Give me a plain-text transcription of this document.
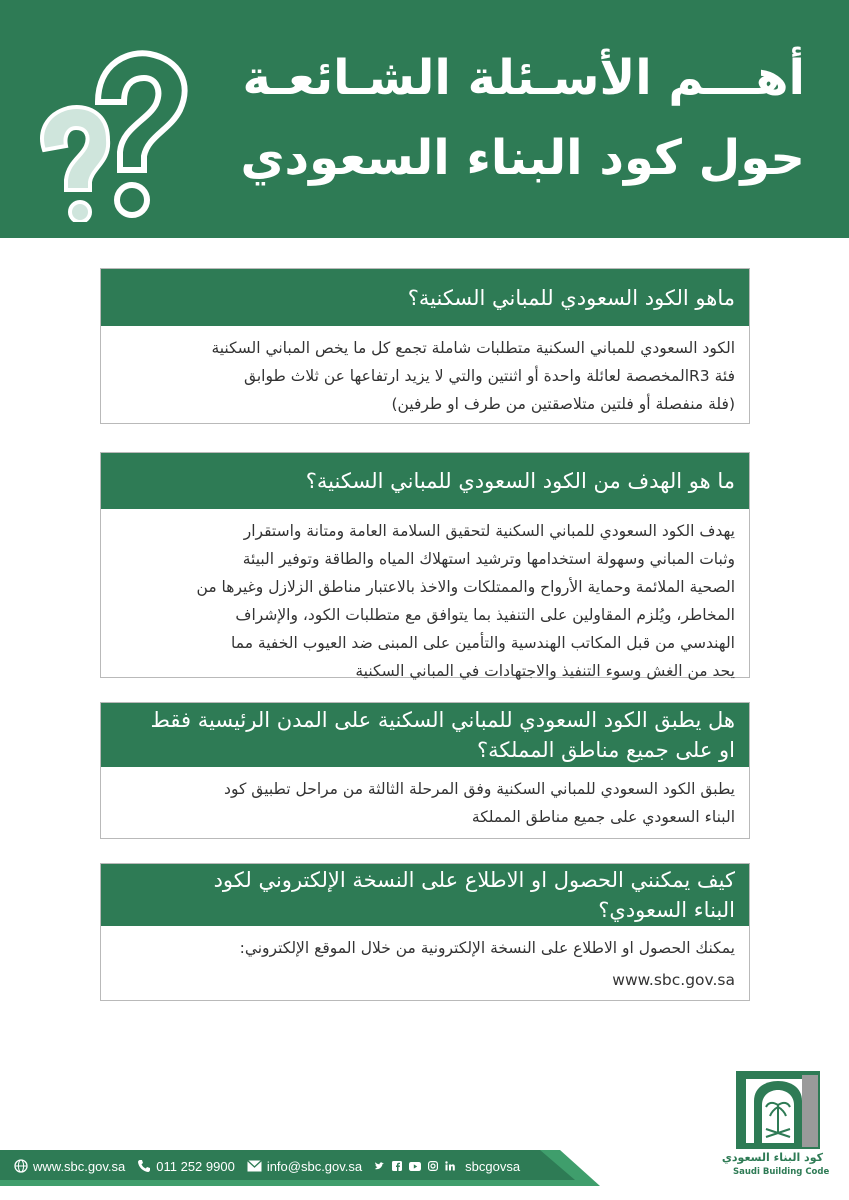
أهـــم الأسـئلة الشـائعـة
حول كود البناء السعودي
ماهو الكود السعودي للمباني السكنية؟
الكود السعودي للمباني السكنية متطلبات شاملة تجمع كل ما يخص المباني السكنية
فئة R3المخصصة لعائلة واحدة أو اثنتين والتي لا يزيد ارتفاعها عن ثلاث طوابق
(فلة منفصلة أو فلتين متلاصقتين من طرف او طرفين)
ما هو الهدف من الكود السعودي للمباني السكنية؟
يهدف الكود السعودي للمباني السكنية لتحقيق السلامة العامة ومتانة واستقرار
وثبات المباني وسهولة استخدامها وترشيد استهلاك المياه والطاقة وتوفير البيئة
الصحية الملائمة وحماية الأرواح والممتلكات والاخذ بالاعتبار مناطق الزلازل وغيرها من
المخاطر، ويُلزم المقاولين على التنفيذ بما يتوافق مع متطلبات الكود، والإشراف
الهندسي من قبل المكاتب الهندسية والتأمين على المبنى ضد العيوب الخفية مما
يحد من الغش وسوء التنفيذ والاجتهادات في المباني السكنية
هل يطبق الكود السعودي للمباني السكنية على المدن الرئيسية فقط
او على جميع مناطق المملكة؟
يطبق الكود السعودي للمباني السكنية وفق المرحلة الثالثة من مراحل تطبيق كود
البناء السعودي على جميع مناطق المملكة
كيف يمكنني الحصول او الاطلاع على النسخة الإلكتروني لكود
البناء السعودي؟
يمكنك الحصول او الاطلاع على النسخة الإلكترونية من خلال الموقع الإلكتروني:
www.sbc.gov.sa
كود البناء السعودي
Saudi Building Code
www.sbc.gov.sa 011 252 9900 info@sbc.gov.sa	sbcgovsa
